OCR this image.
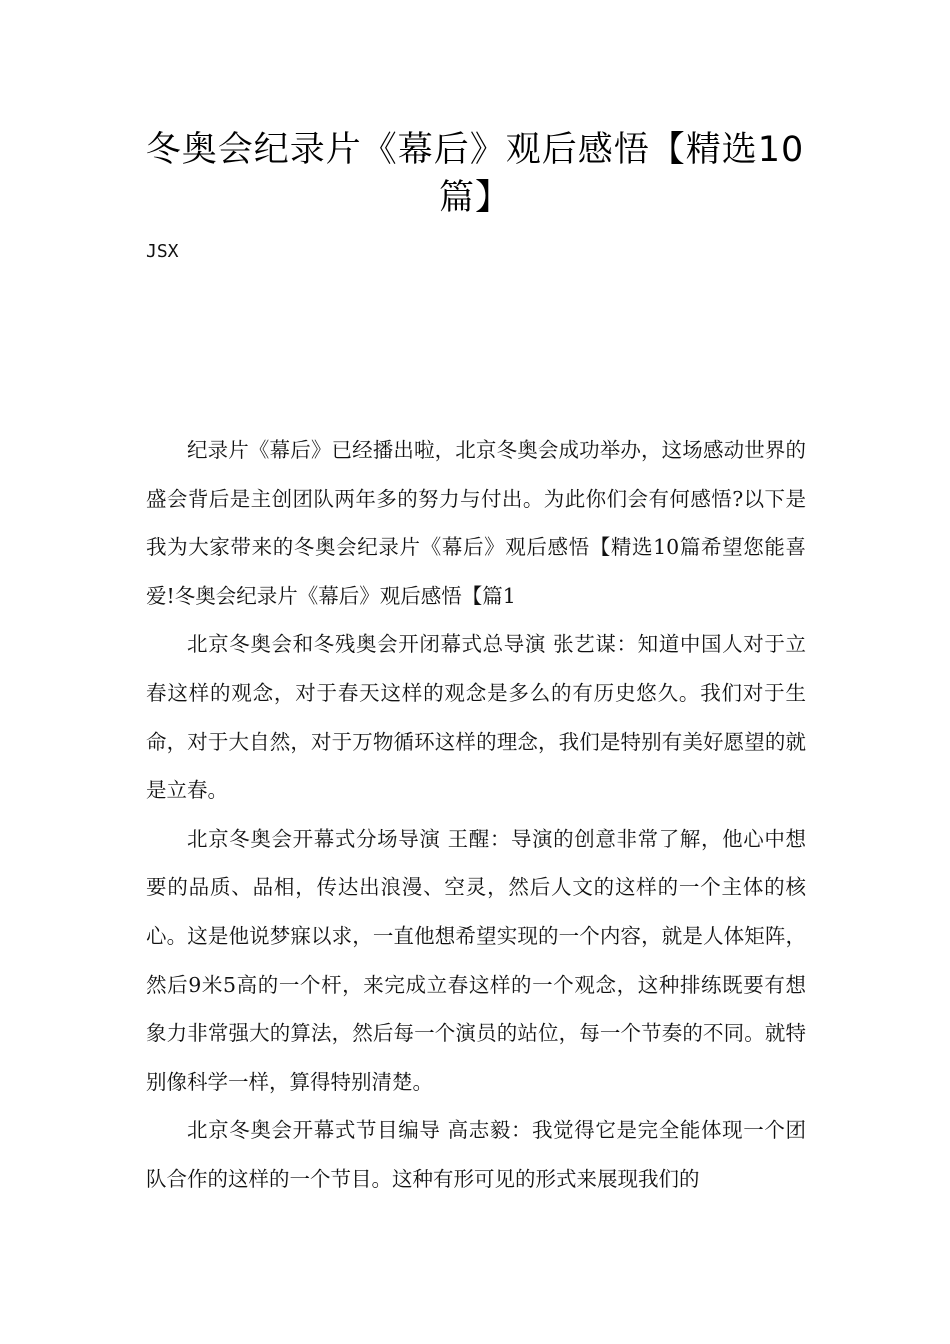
冬奥会纪录片《幕后》观后感悟【精选10篇】
JSX

纪录片《幕后》已经播出啦，北京冬奥会成功举办，这场感动世界的盛会背后是主创团队两年多的努力与付出。为此你们会有何感悟?以下是我为大家带来的冬奥会纪录片《幕后》观后感悟【精选10篇希望您能喜爱!冬奥会纪录片《幕后》观后感悟【篇1

北京冬奥会和冬残奥会开闭幕式总导演 张艺谋：知道中国人对于立春这样的观念，对于春天这样的观念是多么的有历史悠久。我们对于生命，对于大自然，对于万物循环这样的理念，我们是特别有美好愿望的就是立春。

北京冬奥会开幕式分场导演 王醒：导演的创意非常了解，他心中想要的品质、品相，传达出浪漫、空灵，然后人文的这样的一个主体的核心。这是他说梦寐以求，一直他想希望实现的一个内容，就是人体矩阵，然后9米5高的一个杆，来完成立春这样的一个观念，这种排练既要有想象力非常强大的算法，然后每一个演员的站位，每一个节奏的不同。就特别像科学一样，算得特别清楚。

北京冬奥会开幕式节目编导 高志毅：我觉得它是完全能体现一个团队合作的这样的一个节目。这种有形可见的形式来展现我们的
